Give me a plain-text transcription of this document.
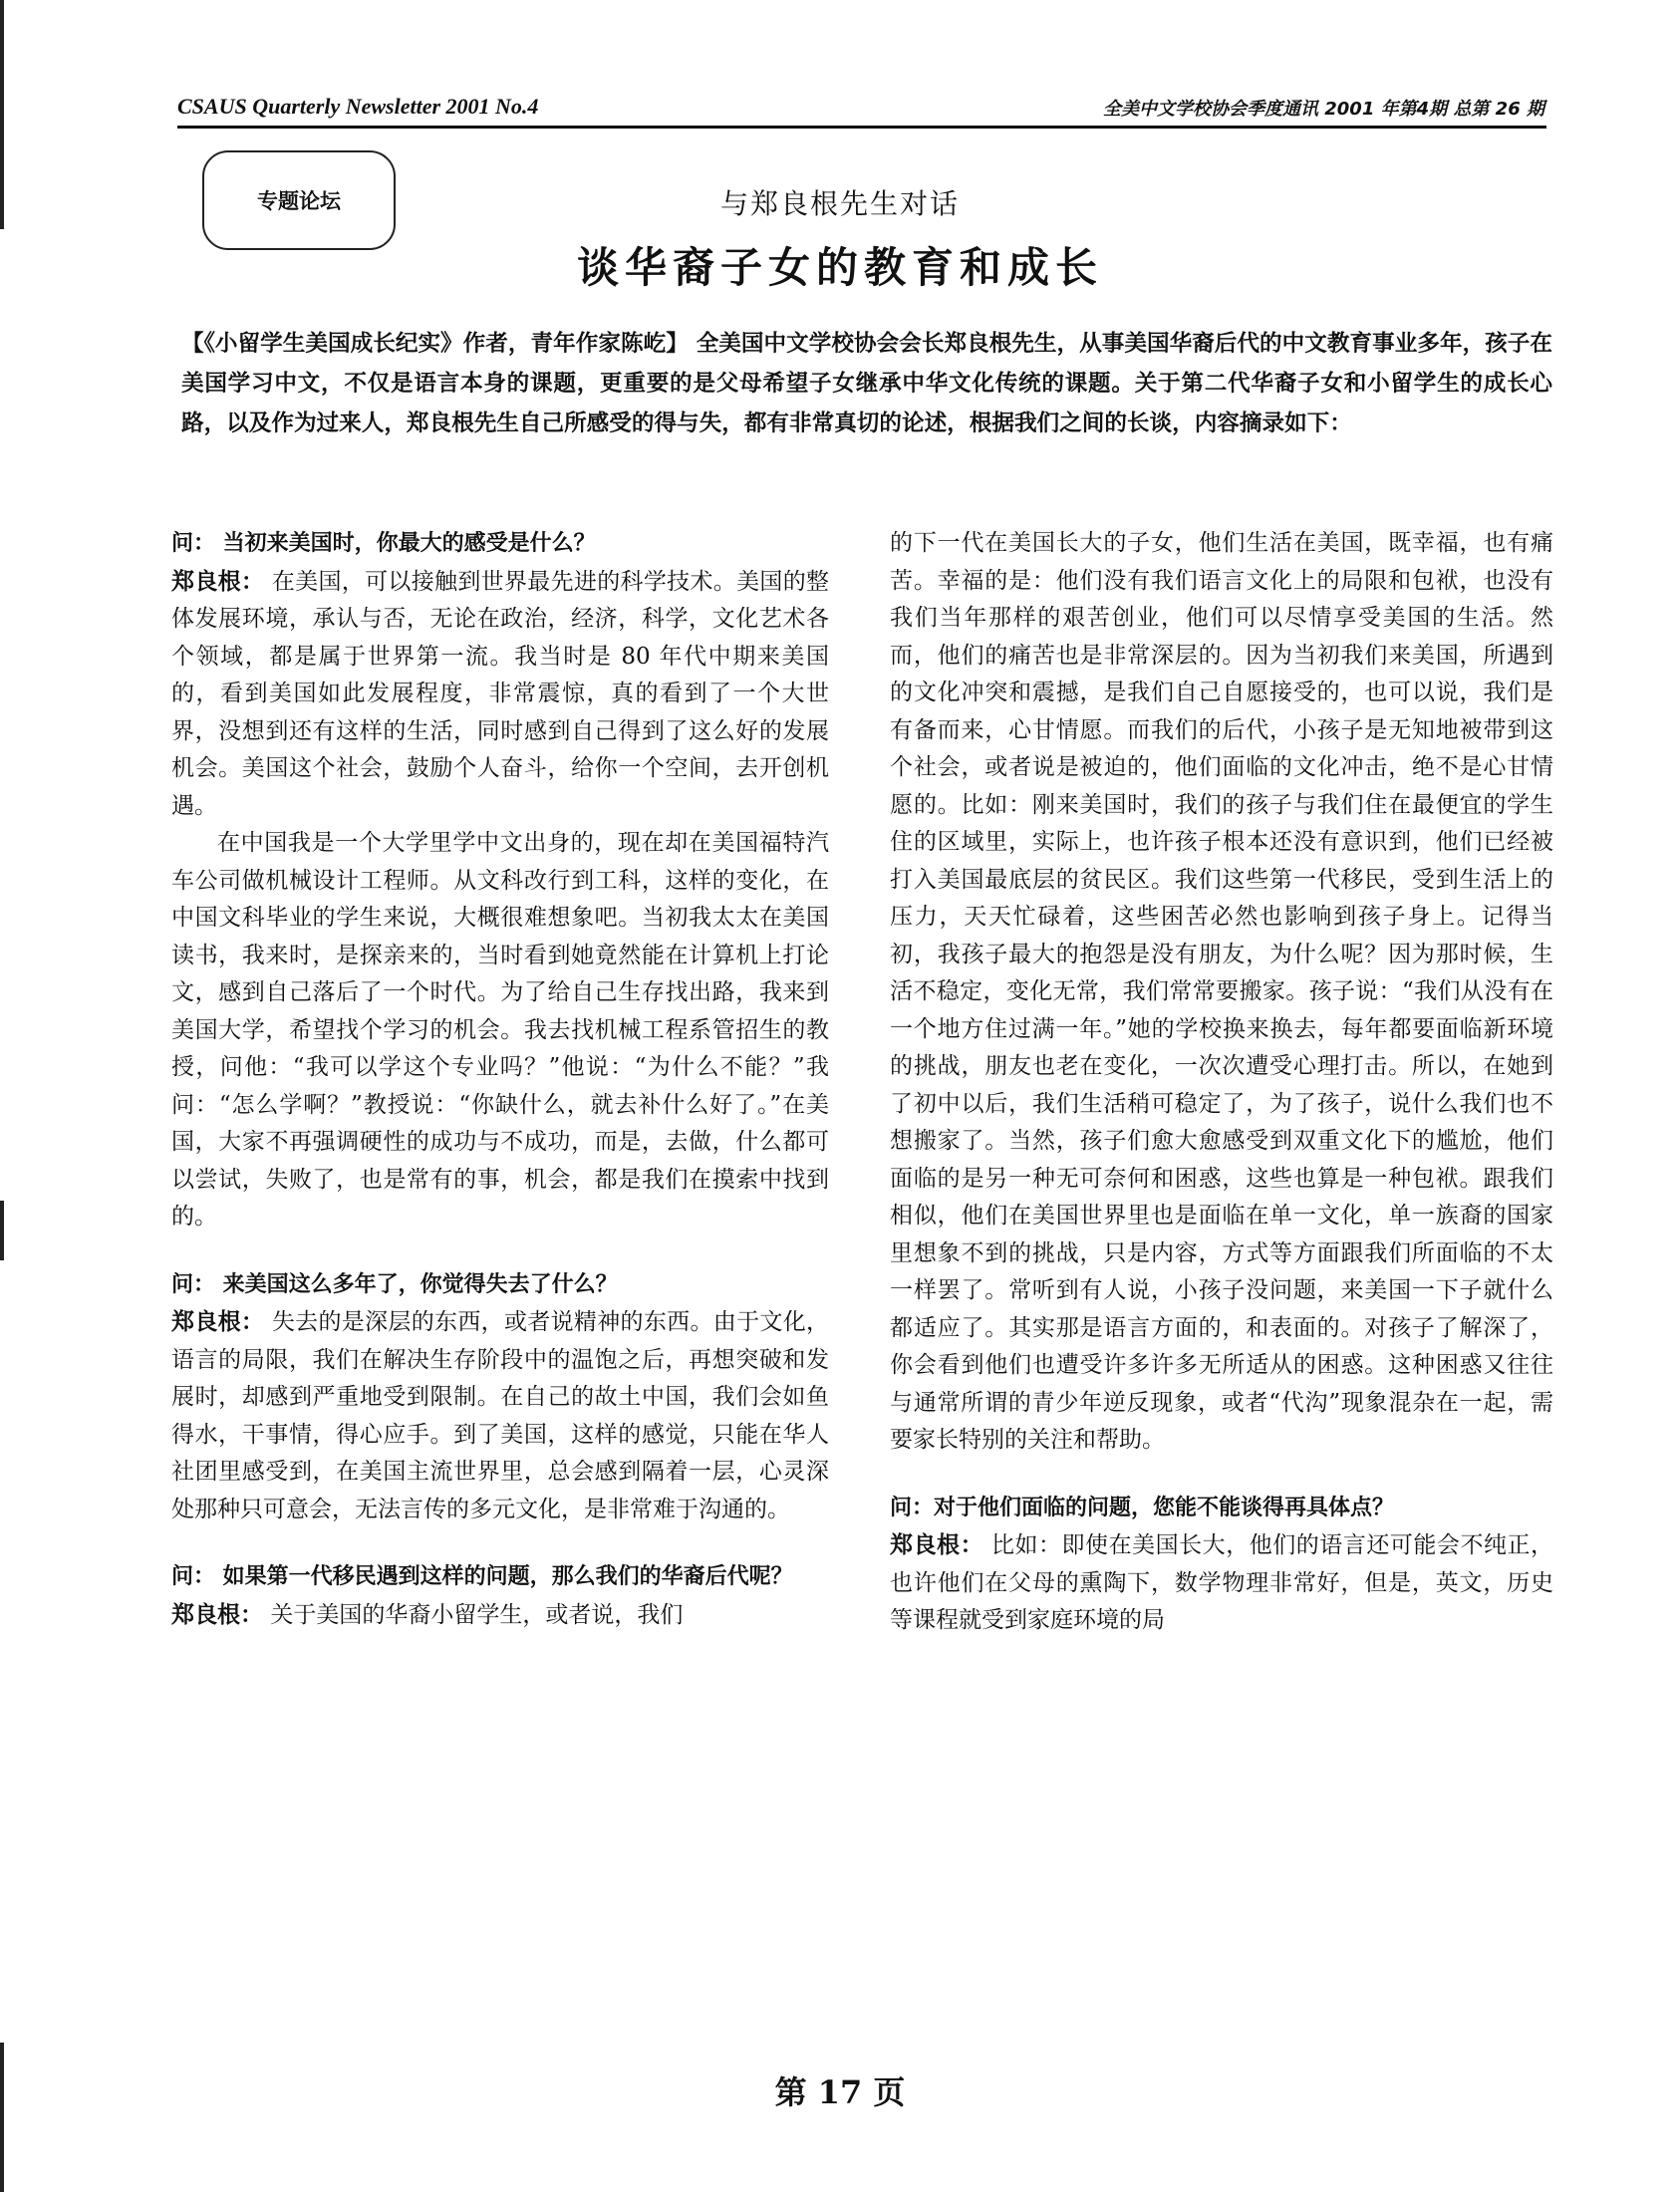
CSAUS Quarterly Newsletter 2001 No.4	全美中文学校协会季度通讯 2001 年第4期 总第 26 期
专题论坛	与郑良根先生对话
谈华裔子女的教育和成长
【《小留学生美国成长纪实》作者，青年作家陈屹】 全美国中文学校协会会长郑良根先生，从事美国华裔后代的中文教育事业多年，孩子在美国学习中文，不仅是语言本身的课题，更重要的是父母希望子女继承中华文化传统的课题。关于第二代华裔子女和小留学生的成长心路，以及作为过来人，郑良根先生自己所感受的得与失，都有非常真切的论述，根据我们之间的长谈，内容摘录如下：

问： 当初来美国时，你最大的感受是什么？

郑良根： 在美国，可以接触到世界最先进的科学技术。美国的整体发展环境，承认与否，无论在政治，经济，科学，文化艺术各个领域，都是属于世界第一流。我当时是 80 年代中期来美国的，看到美国如此发展程度，非常震惊，真的看到了一个大世界，没想到还有这样的生活，同时感到自己得到了这么好的发展机会。美国这个社会，鼓励个人奋斗，给你一个空间，去开创机遇。

在中国我是一个大学里学中文出身的，现在却在美国福特汽车公司做机械设计工程师。从文科改行到工科，这样的变化，在中国文科毕业的学生来说，大概很难想象吧。当初我太太在美国读书，我来时，是探亲来的，当时看到她竟然能在计算机上打论文，感到自己落后了一个时代。为了给自己生存找出路，我来到美国大学，希望找个学习的机会。我去找机械工程系管招生的教授，问他：“我可以学这个专业吗？”他说：“为什么不能？”我问：“怎么学啊？”教授说：“你缺什么，就去补什么好了。”在美国，大家不再强调硬性的成功与不成功，而是，去做，什么都可以尝试，失败了，也是常有的事，机会，都是我们在摸索中找到的。

问： 来美国这么多年了，你觉得失去了什么？

郑良根： 失去的是深层的东西，或者说精神的东西。由于文化，语言的局限，我们在解决生存阶段中的温饱之后，再想突破和发展时，却感到严重地受到限制。在自己的故土中国，我们会如鱼得水，干事情，得心应手。到了美国，这样的感觉，只能在华人社团里感受到，在美国主流世界里，总会感到隔着一层，心灵深处那种只可意会，无法言传的多元文化，是非常难于沟通的。

问： 如果第一代移民遇到这样的问题，那么我们的华裔后代呢？

郑良根： 关于美国的华裔小留学生，或者说，我们

的下一代在美国长大的子女，他们生活在美国，既幸福，也有痛苦。幸福的是：他们没有我们语言文化上的局限和包袱，也没有我们当年那样的艰苦创业，他们可以尽情享受美国的生活。然而，他们的痛苦也是非常深层的。因为当初我们来美国，所遇到的文化冲突和震撼，是我们自己自愿接受的，也可以说，我们是有备而来，心甘情愿。而我们的后代，小孩子是无知地被带到这个社会，或者说是被迫的，他们面临的文化冲击，绝不是心甘情愿的。比如：刚来美国时，我们的孩子与我们住在最便宜的学生住的区域里，实际上，也许孩子根本还没有意识到，他们已经被打入美国最底层的贫民区。我们这些第一代移民，受到生活上的压力，天天忙碌着，这些困苦必然也影响到孩子身上。记得当初，我孩子最大的抱怨是没有朋友，为什么呢？因为那时候，生活不稳定，变化无常，我们常常要搬家。孩子说：“我们从没有在一个地方住过满一年。”她的学校换来换去，每年都要面临新环境的挑战，朋友也老在变化，一次次遭受心理打击。所以，在她到了初中以后，我们生活稍可稳定了，为了孩子，说什么我们也不想搬家了。当然，孩子们愈大愈感受到双重文化下的尴尬，他们面临的是另一种无可奈何和困惑，这些也算是一种包袱。跟我们相似，他们在美国世界里也是面临在单一文化，单一族裔的国家里想象不到的挑战，只是内容，方式等方面跟我们所面临的不太一样罢了。常听到有人说，小孩子没问题，来美国一下子就什么都适应了。其实那是语言方面的，和表面的。对孩子了解深了，你会看到他们也遭受许多许多无所适从的困惑。这种困惑又往往与通常所谓的青少年逆反现象，或者“代沟”现象混杂在一起，需要家长特别的关注和帮助。

问：对于他们面临的问题，您能不能谈得再具体点？

郑良根： 比如：即使在美国长大，他们的语言还可能会不纯正，也许他们在父母的熏陶下，数学物理非常好，但是，英文，历史等课程就受到家庭环境的局

第 17 页
